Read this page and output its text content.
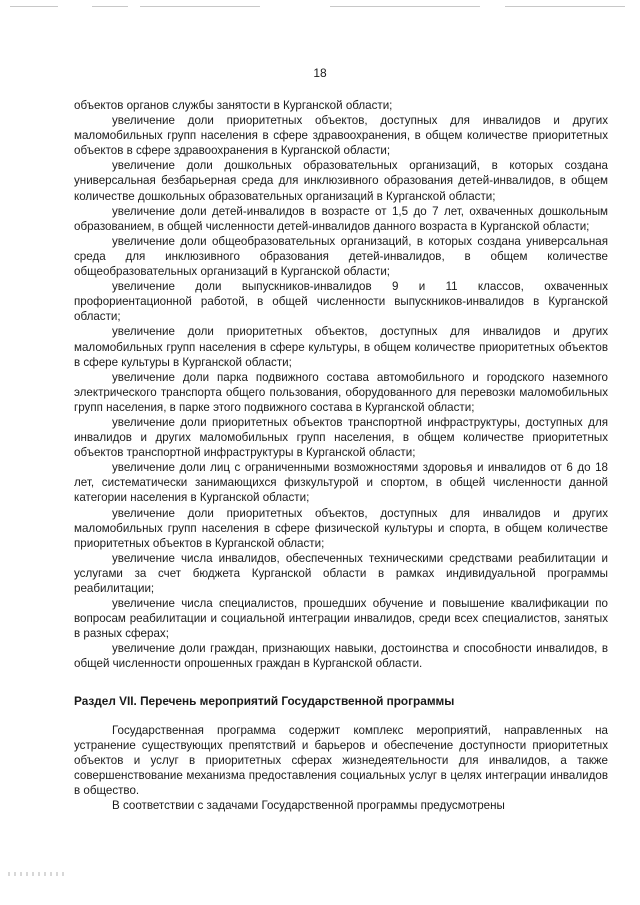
18

объектов органов службы занятости в Курганской области;

увеличение доли приоритетных объектов, доступных для инвалидов и других маломобильных групп населения в сфере здравоохранения, в общем количестве приоритетных объектов в сфере здравоохранения в Курганской области;

увеличение доли дошкольных образовательных организаций, в которых создана универсальная безбарьерная среда для инклюзивного образования детей-инвалидов, в общем количестве дошкольных образовательных организаций в Курганской области;

увеличение доли детей-инвалидов в возрасте от 1,5 до 7 лет, охваченных дошкольным образованием, в общей численности детей-инвалидов данного возраста в Курганской области;

увеличение доли общеобразовательных организаций, в которых создана универсальная среда для инклюзивного образования детей-инвалидов, в общем количестве общеобразовательных организаций в Курганской области;

увеличение доли выпускников-инвалидов 9 и 11 классов, охваченных профориентационной работой, в общей численности выпускников-инвалидов в Курганской области;

увеличение доли приоритетных объектов, доступных для инвалидов и других маломобильных групп населения в сфере культуры, в общем количестве приоритетных объектов в сфере культуры в Курганской области;

увеличение доли парка подвижного состава автомобильного и городского наземного электрического транспорта общего пользования, оборудованного для перевозки маломобильных групп населения, в парке этого подвижного состава в Курганской области;

увеличение доли приоритетных объектов транспортной инфраструктуры, доступных для инвалидов и других маломобильных групп населения, в общем количестве приоритетных объектов транспортной инфраструктуры в Курганской области;

увеличение доли лиц с ограниченными возможностями здоровья и инвалидов от 6 до 18 лет, систематически занимающихся физкультурой и спортом, в общей численности данной категории населения в Курганской области;

увеличение доли приоритетных объектов, доступных для инвалидов и других маломобильных групп населения в сфере физической культуры и спорта, в общем количестве приоритетных объектов в Курганской области;

увеличение числа инвалидов, обеспеченных техническими средствами реабилитации и услугами за счет бюджета Курганской области в рамках индивидуальной программы реабилитации;

увеличение числа специалистов, прошедших обучение и повышение квалификации по вопросам реабилитации и социальной интеграции инвалидов, среди всех специалистов, занятых в разных сферах;

увеличение доли граждан, признающих навыки, достоинства и способности инвалидов, в общей численности опрошенных граждан в Курганской области.

Раздел VII. Перечень мероприятий Государственной программы

Государственная программа содержит комплекс мероприятий, направленных на устранение существующих препятствий и барьеров и обеспечение доступности приоритетных объектов и услуг в приоритетных сферах жизнедеятельности для инвалидов, а также совершенствование механизма предоставления социальных услуг в целях интеграции инвалидов в общество.

В соответствии с задачами Государственной программы предусмотрены
